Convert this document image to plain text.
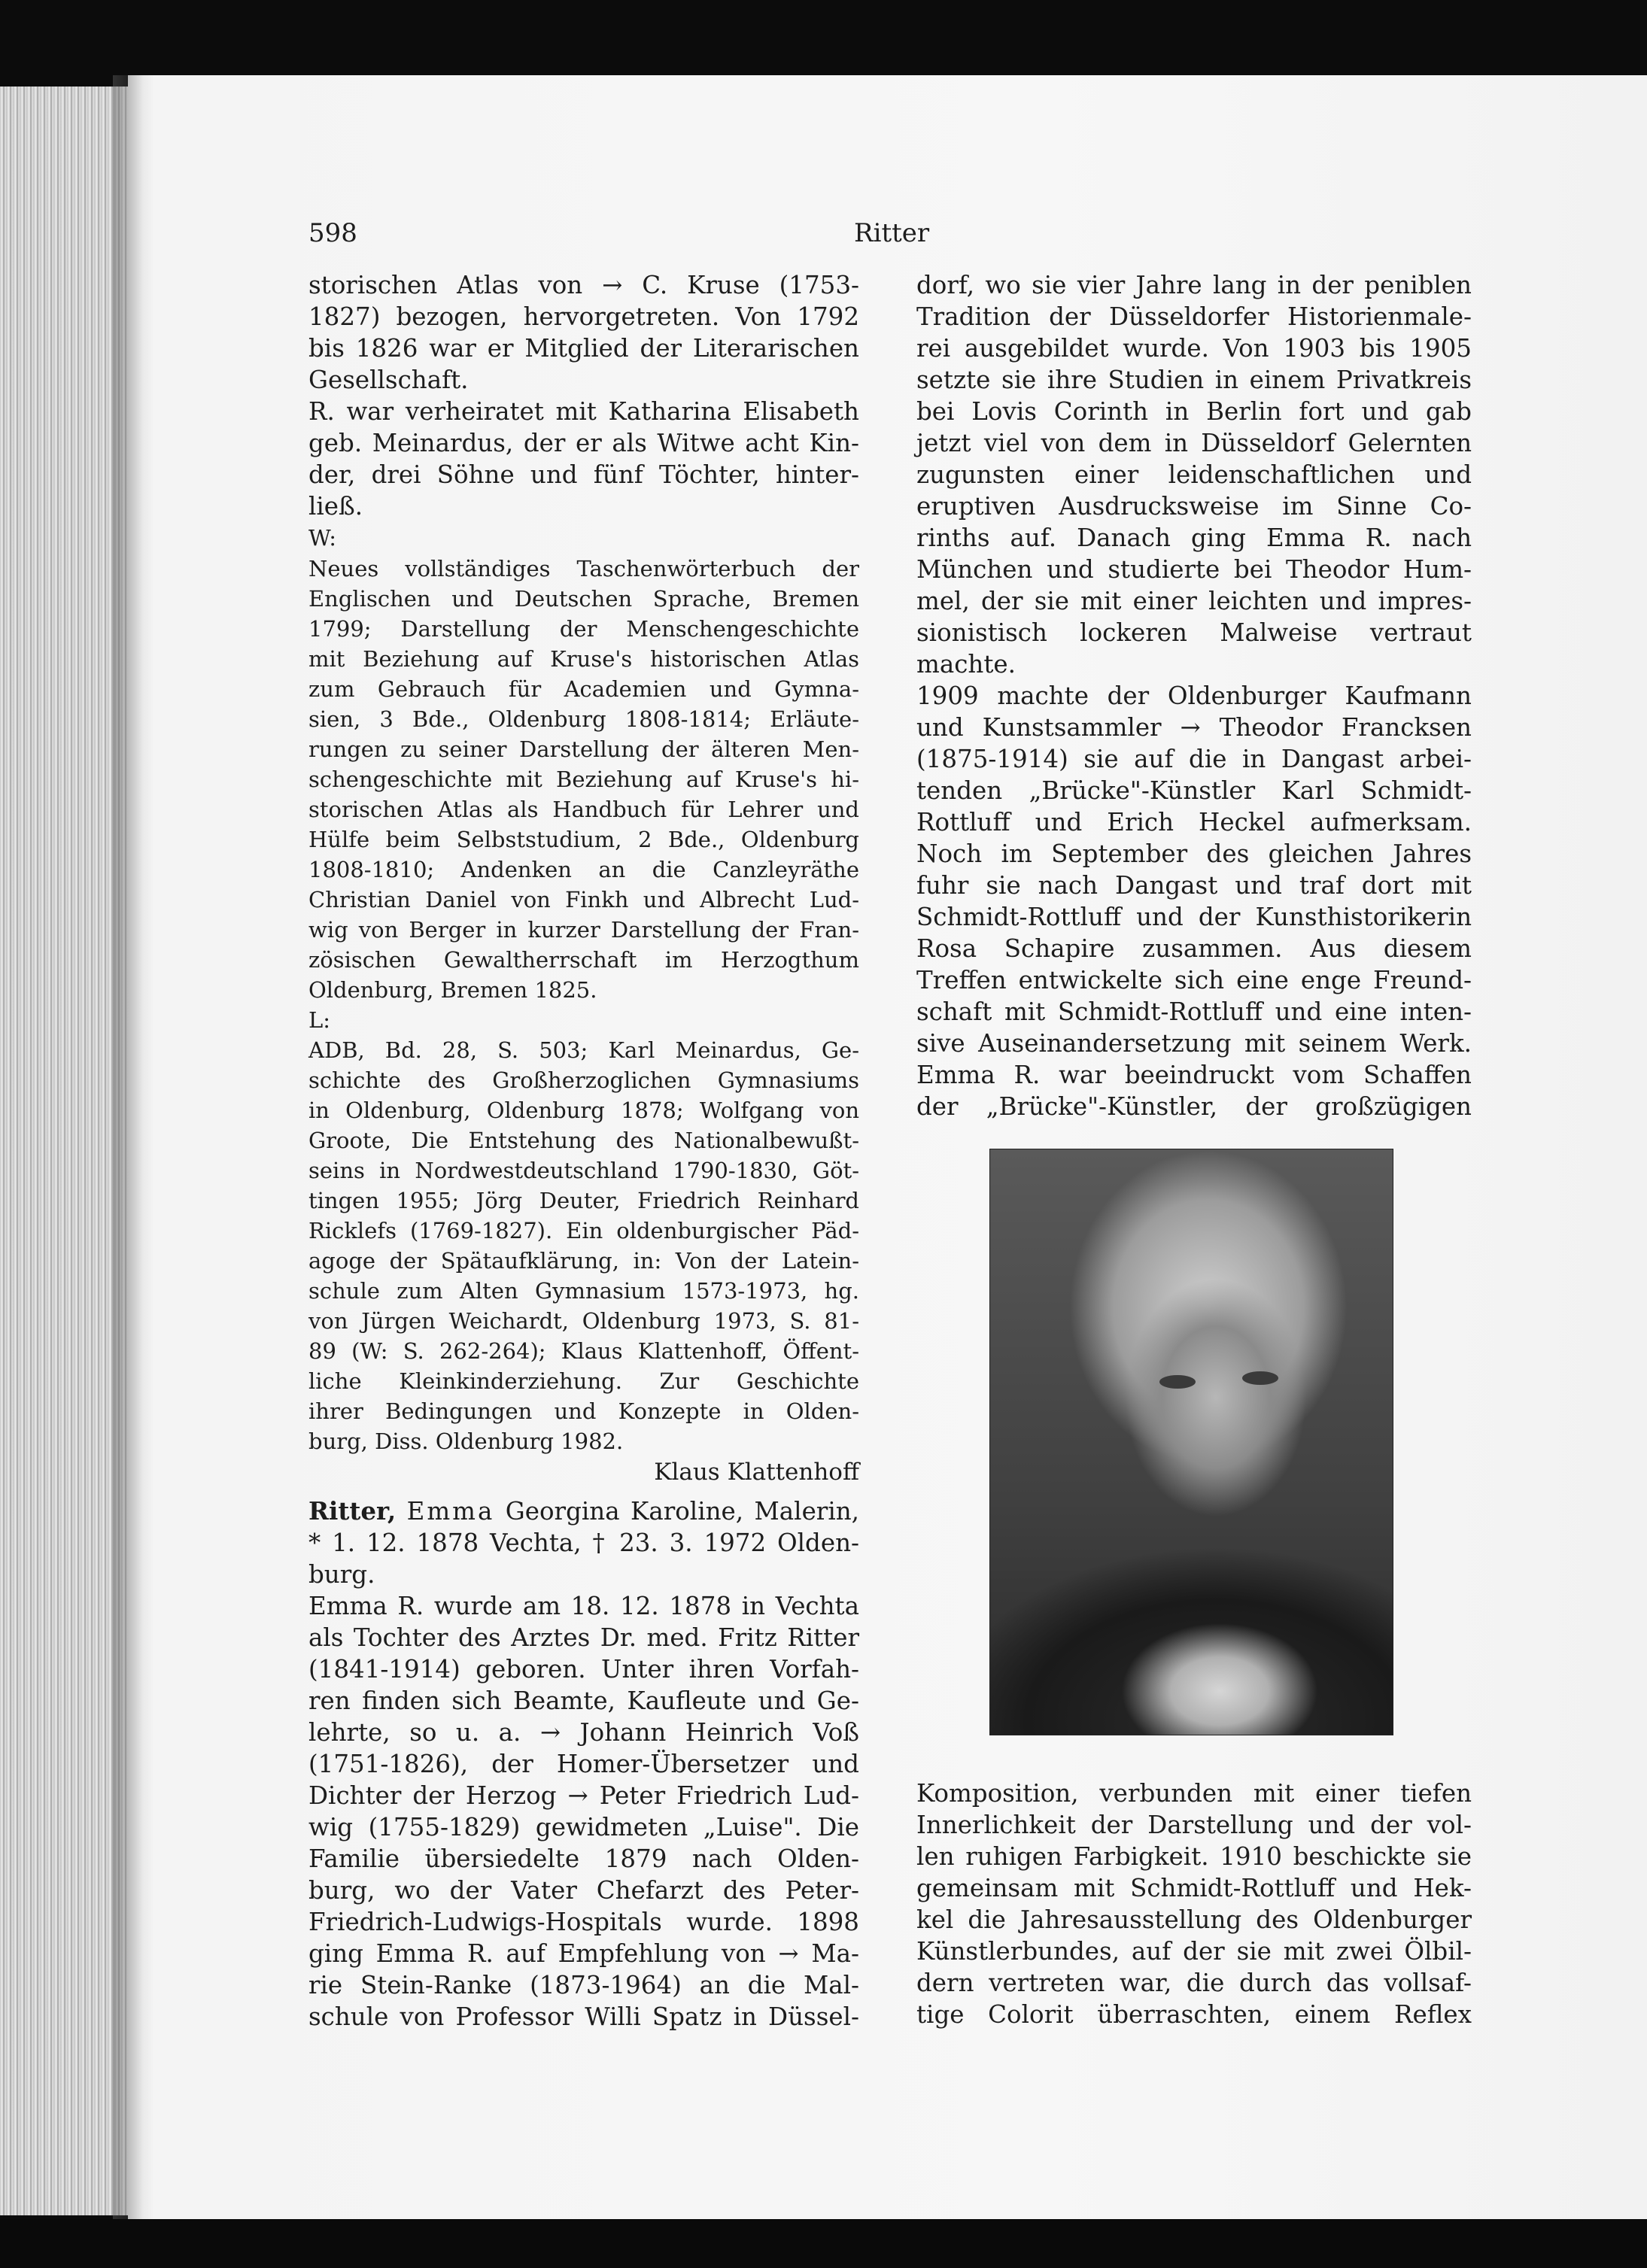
598	Ritter
storischen Atlas von → C. Kruse (1753-
1827) bezogen, hervorgetreten. Von 1792
bis 1826 war er Mitglied der Literarischen
Gesellschaft.
R. war verheiratet mit Katharina Elisabeth
geb. Meinardus, der er als Witwe acht Kin-
der, drei Söhne und fünf Töchter, hinter-
ließ.
W:
Neues vollständiges Taschenwörterbuch der
Englischen und Deutschen Sprache, Bremen
1799; Darstellung der Menschengeschichte
mit Beziehung auf Kruse's historischen Atlas
zum Gebrauch für Academien und Gymna-
sien, 3 Bde., Oldenburg 1808-1814; Erläute-
rungen zu seiner Darstellung der älteren Men-
schengeschichte mit Beziehung auf Kruse's hi-
storischen Atlas als Handbuch für Lehrer und
Hülfe beim Selbststudium, 2 Bde., Oldenburg
1808-1810; Andenken an die Canzleyräthe
Christian Daniel von Finkh und Albrecht Lud-
wig von Berger in kurzer Darstellung der Fran-
zösischen Gewaltherrschaft im Herzogthum
Oldenburg, Bremen 1825.
L:
ADB, Bd. 28, S. 503; Karl Meinardus, Ge-
schichte des Großherzoglichen Gymnasiums
in Oldenburg, Oldenburg 1878; Wolfgang von
Groote, Die Entstehung des Nationalbewußt-
seins in Nordwestdeutschland 1790-1830, Göt-
tingen 1955; Jörg Deuter, Friedrich Reinhard
Ricklefs (1769-1827). Ein oldenburgischer Päd-
agoge der Spätaufklärung, in: Von der Latein-
schule zum Alten Gymnasium 1573-1973, hg.
von Jürgen Weichardt, Oldenburg 1973, S. 81-
89 (W: S. 262-264); Klaus Klattenhoff, Öffent-
liche Kleinkinderziehung. Zur Geschichte
ihrer Bedingungen und Konzepte in Olden-
burg, Diss. Oldenburg 1982.
Klaus Klattenhoff
Ritter, Emma Georgina Karoline, Malerin,
* 1. 12. 1878 Vechta, † 23. 3. 1972 Olden-
burg.
Emma R. wurde am 18. 12. 1878 in Vechta
als Tochter des Arztes Dr. med. Fritz Ritter
(1841-1914) geboren. Unter ihren Vorfah-
ren finden sich Beamte, Kaufleute und Ge-
lehrte, so u. a. → Johann Heinrich Voß
(1751-1826), der Homer-Übersetzer und
Dichter der Herzog → Peter Friedrich Lud-
wig (1755-1829) gewidmeten „Luise". Die
Familie übersiedelte 1879 nach Olden-
burg, wo der Vater Chefarzt des Peter-
Friedrich-Ludwigs-Hospitals wurde. 1898
ging Emma R. auf Empfehlung von → Ma-
rie Stein-Ranke (1873-1964) an die Mal-
schule von Professor Willi Spatz in Düssel-
dorf, wo sie vier Jahre lang in der peniblen
Tradition der Düsseldorfer Historienmale-
rei ausgebildet wurde. Von 1903 bis 1905
setzte sie ihre Studien in einem Privatkreis
bei Lovis Corinth in Berlin fort und gab
jetzt viel von dem in Düsseldorf Gelernten
zugunsten einer leidenschaftlichen und
eruptiven Ausdrucksweise im Sinne Co-
rinths auf. Danach ging Emma R. nach
München und studierte bei Theodor Hum-
mel, der sie mit einer leichten und impres-
sionistisch lockeren Malweise vertraut
machte.
1909 machte der Oldenburger Kaufmann
und Kunstsammler → Theodor Francksen
(1875-1914) sie auf die in Dangast arbei-
tenden „Brücke"-Künstler Karl Schmidt-
Rottluff und Erich Heckel aufmerksam.
Noch im September des gleichen Jahres
fuhr sie nach Dangast und traf dort mit
Schmidt-Rottluff und der Kunsthistorikerin
Rosa Schapire zusammen. Aus diesem
Treffen entwickelte sich eine enge Freund-
schaft mit Schmidt-Rottluff und eine inten-
sive Auseinandersetzung mit seinem Werk.
Emma R. war beeindruckt vom Schaffen
der „Brücke"-Künstler, der großzügigen
Komposition, verbunden mit einer tiefen
Innerlichkeit der Darstellung und der vol-
len ruhigen Farbigkeit. 1910 beschickte sie
gemeinsam mit Schmidt-Rottluff und Hek-
kel die Jahresausstellung des Oldenburger
Künstlerbundes, auf der sie mit zwei Ölbil-
dern vertreten war, die durch das vollsaf-
tige Colorit überraschten, einem Reflex
